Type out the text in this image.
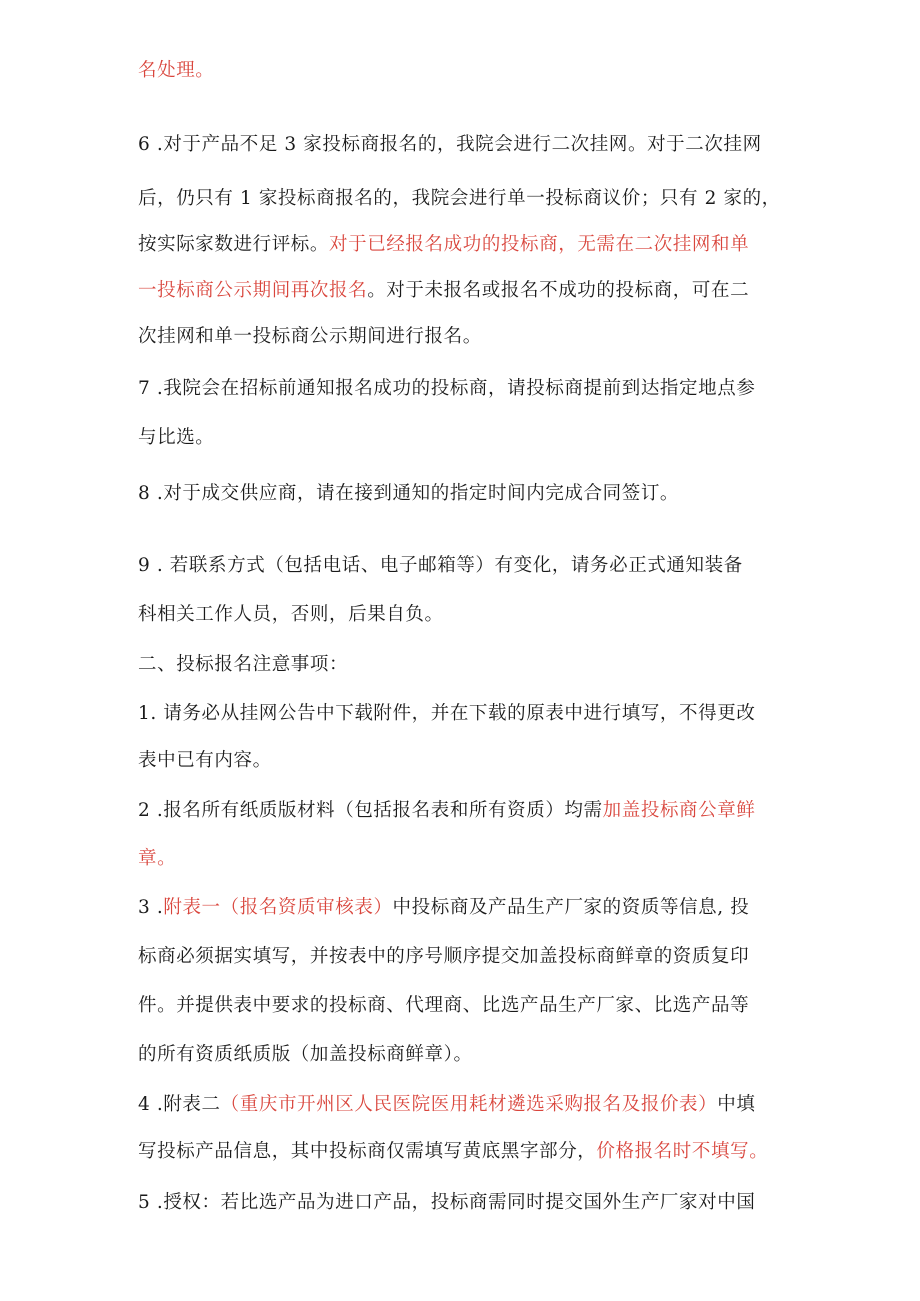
名处理。
6 .对于产品不足 3 家投标商报名的，我院会进行二次挂网。对于二次挂网
后，仍只有 1 家投标商报名的，我院会进行单一投标商议价；只有 2 家的，
按实际家数进行评标。对于已经报名成功的投标商，无需在二次挂网和单
一投标商公示期间再次报名。对于未报名或报名不成功的投标商，可在二
次挂网和单一投标商公示期间进行报名。
7 .我院会在招标前通知报名成功的投标商，请投标商提前到达指定地点参
与比选。
8 .对于成交供应商，请在接到通知的指定时间内完成合同签订。
9 . 若联系方式（包括电话、电子邮箱等）有变化，请务必正式通知装备
科相关工作人员，否则，后果自负。
二、投标报名注意事项：
1. 请务必从挂网公告中下载附件，并在下载的原表中进行填写，不得更改
表中已有内容。
2 .报名所有纸质版材料（包括报名表和所有资质）均需加盖投标商公章鲜
章。
3 .附表一（报名资质审核表）中投标商及产品生产厂家的资质等信息, 投
标商必须据实填写，并按表中的序号顺序提交加盖投标商鲜章的资质复印
件。并提供表中要求的投标商、代理商、比选产品生产厂家、比选产品等
的所有资质纸质版（加盖投标商鲜章）。
4 .附表二（重庆市开州区人民医院医用耗材遴选采购报名及报价表）中填
写投标产品信息，其中投标商仅需填写黄底黑字部分，价格报名时不填写。
5 .授权：若比选产品为进口产品，投标商需同时提交国外生产厂家对中国
